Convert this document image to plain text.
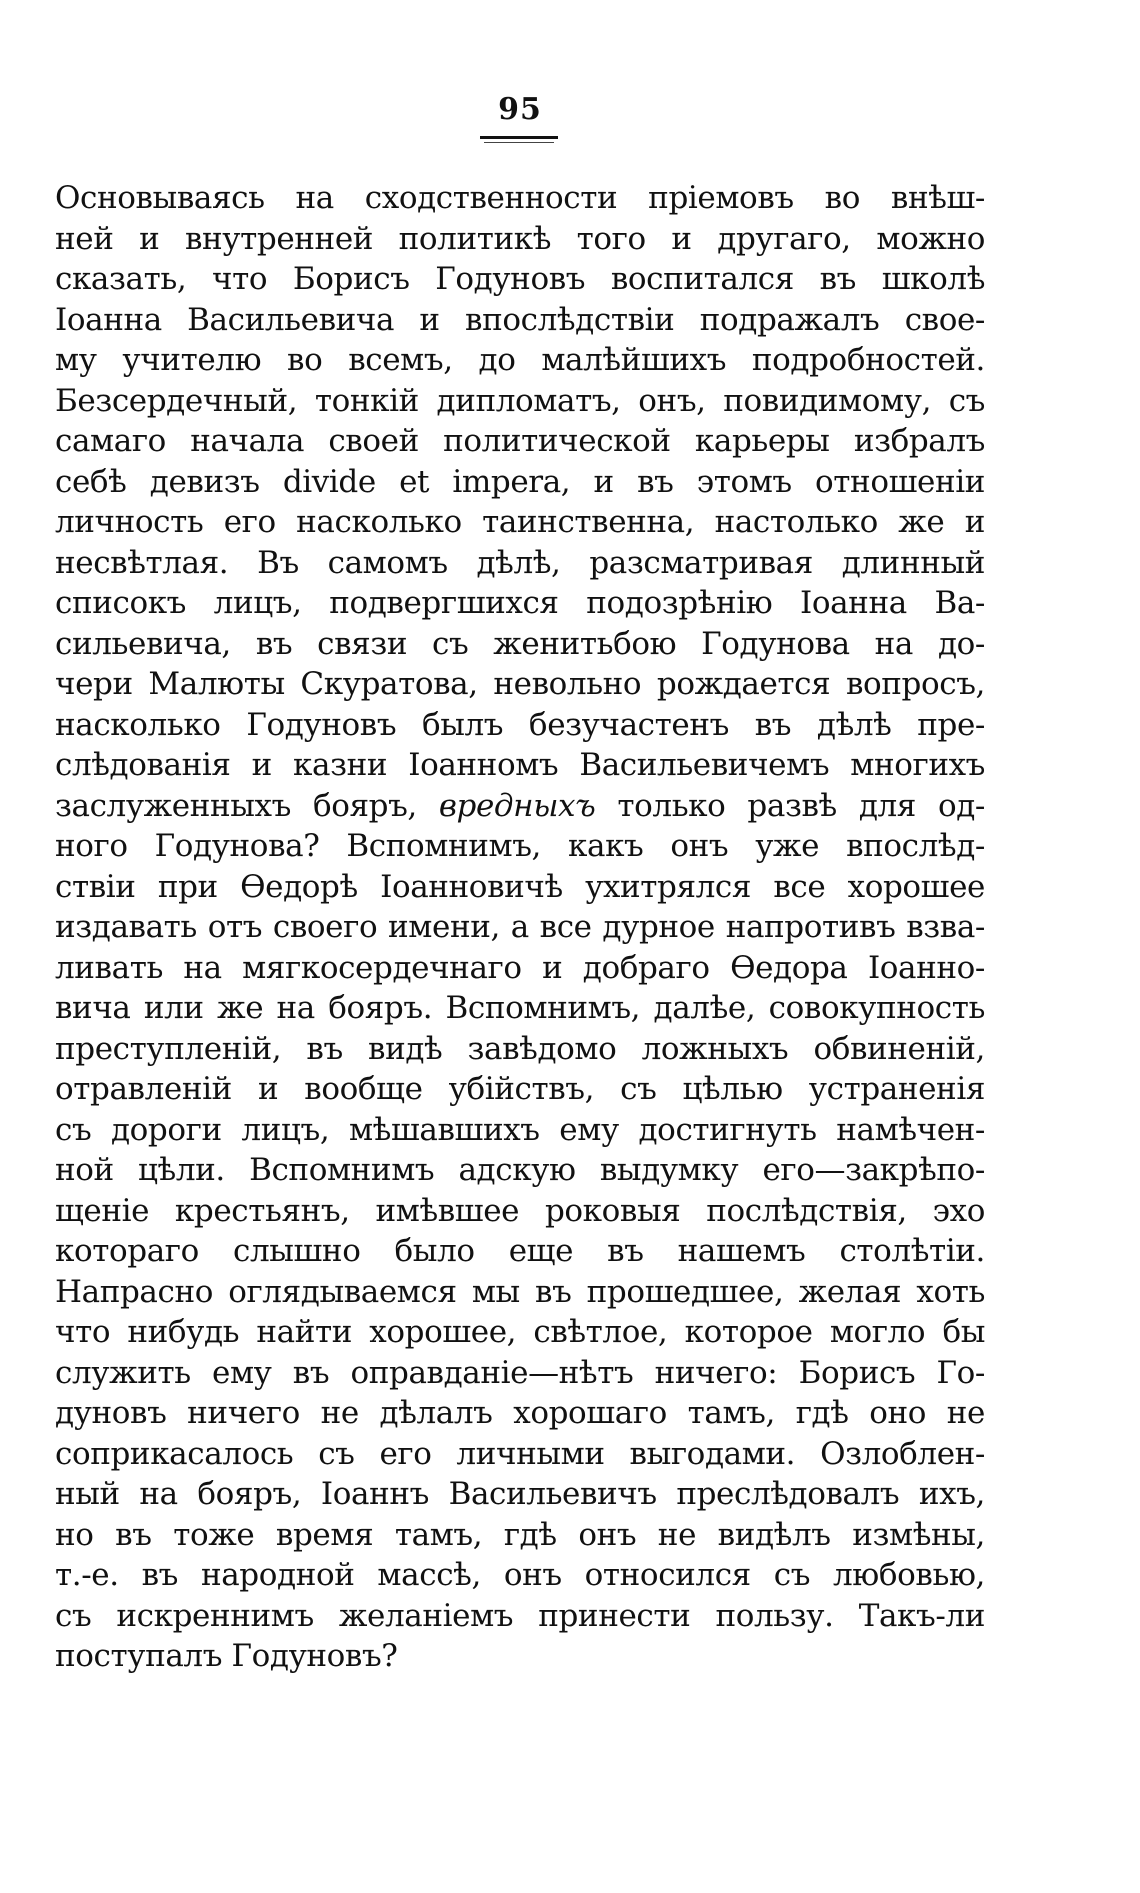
95
Основываясь на сходственности пріемовъ во внѣш-
ней и внутренней политикѣ того и другаго, можно
сказать, что Борисъ Годуновъ воспитался въ школѣ
Іоанна Васильевича и впослѣдствіи подражалъ свое-
му учителю во всемъ, до малѣйшихъ подробностей.
Безсердечный, тонкій дипломатъ, онъ, повидимому, съ
самаго начала своей политической карьеры избралъ
себѣ девизъ divide et impera, и въ этомъ отношеніи
личность его насколько таинственна, настолько же и
несвѣтлая. Въ самомъ дѣлѣ, разсматривая длинный
списокъ лицъ, подвергшихся подозрѣнію Іоанна Ва-
сильевича, въ связи съ женитьбою Годунова на до-
чери Малюты Скуратова, невольно рождается вопросъ,
насколько Годуновъ былъ безучастенъ въ дѣлѣ пре-
слѣдованія и казни Іоанномъ Васильевичемъ многихъ
заслуженныхъ бояръ, вредныхъ только развѣ для од-
ного Годунова? Вспомнимъ, какъ онъ уже впослѣд-
ствіи при Ѳедорѣ Іоанновичѣ ухитрялся все хорошее
издавать отъ своего имени, а все дурное напротивъ взва-
ливать на мягкосердечнаго и добраго Ѳедора Іоанно-
вича или же на бояръ. Вспомнимъ, далѣе, совокупность
преступленій, въ видѣ завѣдомо ложныхъ обвиненій,
отравленій и вообще убійствъ, съ цѣлью устраненія
съ дороги лицъ, мѣшавшихъ ему достигнуть намѣчен-
ной цѣли. Вспомнимъ адскую выдумку его—закрѣпо-
щеніе крестьянъ, имѣвшее роковыя послѣдствія, эхо
котораго слышно было еще въ нашемъ столѣтіи.
Напрасно оглядываемся мы въ прошедшее, желая хоть
что нибудь найти хорошее, свѣтлое, которое могло бы
служить ему въ оправданіе—нѣтъ ничего: Борисъ Го-
дуновъ ничего не дѣлалъ хорошаго тамъ, гдѣ оно не
соприкасалось съ его личными выгодами. Озлоблен-
ный на бояръ, Іоаннъ Васильевичъ преслѣдовалъ ихъ,
но въ тоже время тамъ, гдѣ онъ не видѣлъ измѣны,
т.-е. въ народной массѣ, онъ относился съ любовью,
съ искреннимъ желаніемъ принести пользу. Такъ-ли
поступалъ Годуновъ?
